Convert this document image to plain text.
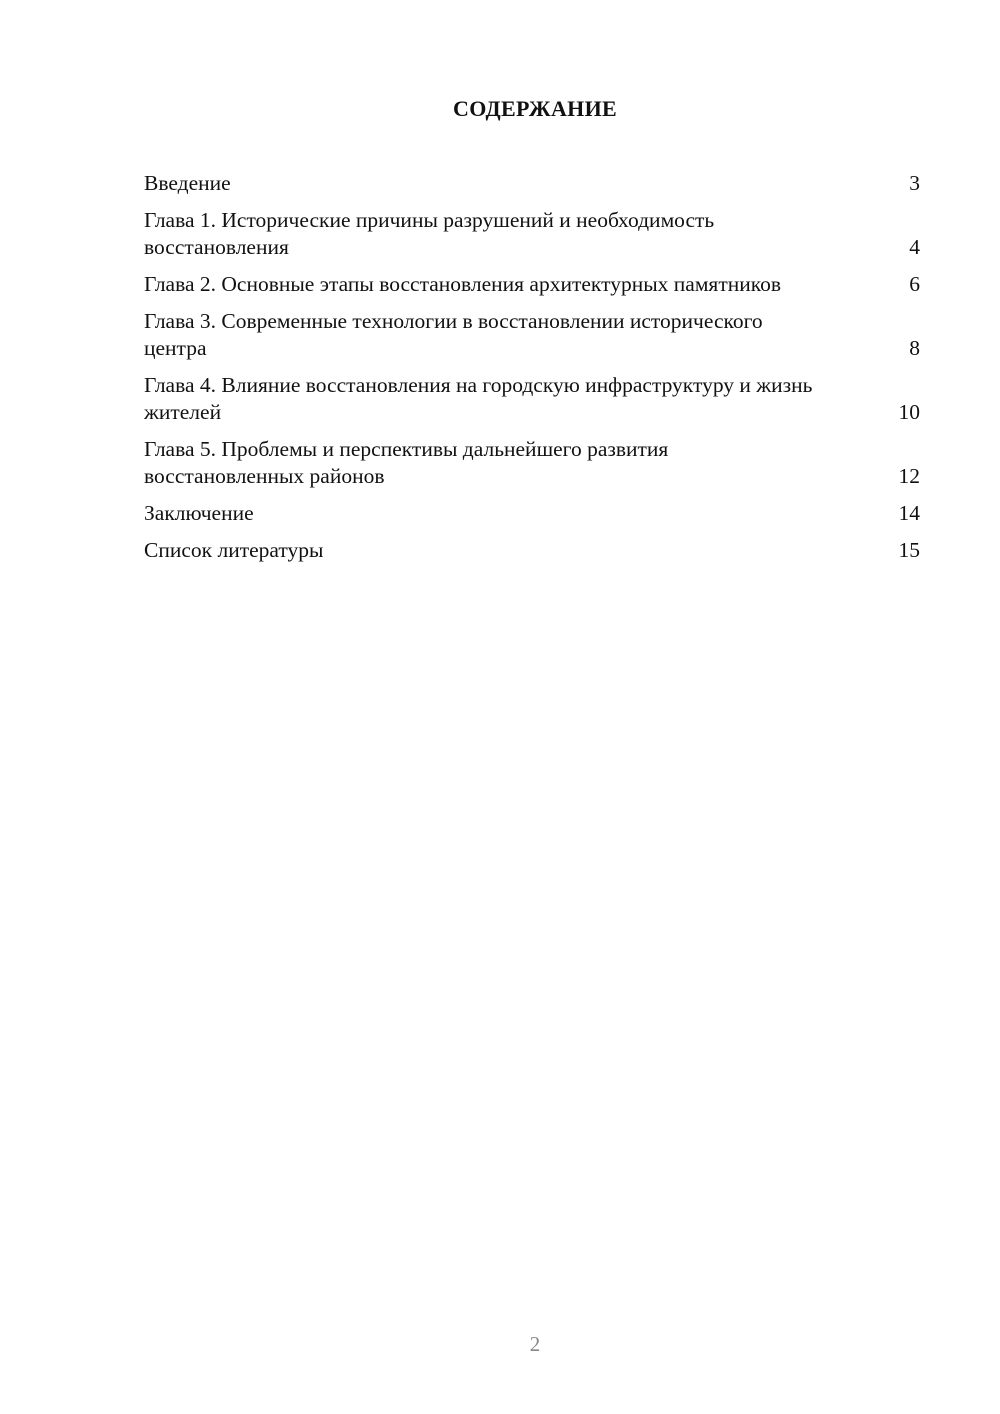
СОДЕРЖАНИЕ
Введение	3
Глава 1. Исторические причины разрушений и необходимость восстановления	4
Глава 2. Основные этапы восстановления архитектурных памятников	6
Глава 3. Современные технологии в восстановлении исторического центра	8
Глава 4. Влияние восстановления на городскую инфраструктуру и жизнь жителей	10
Глава 5. Проблемы и перспективы дальнейшего развития восстановленных районов	12
Заключение	14
Список литературы	15
2
